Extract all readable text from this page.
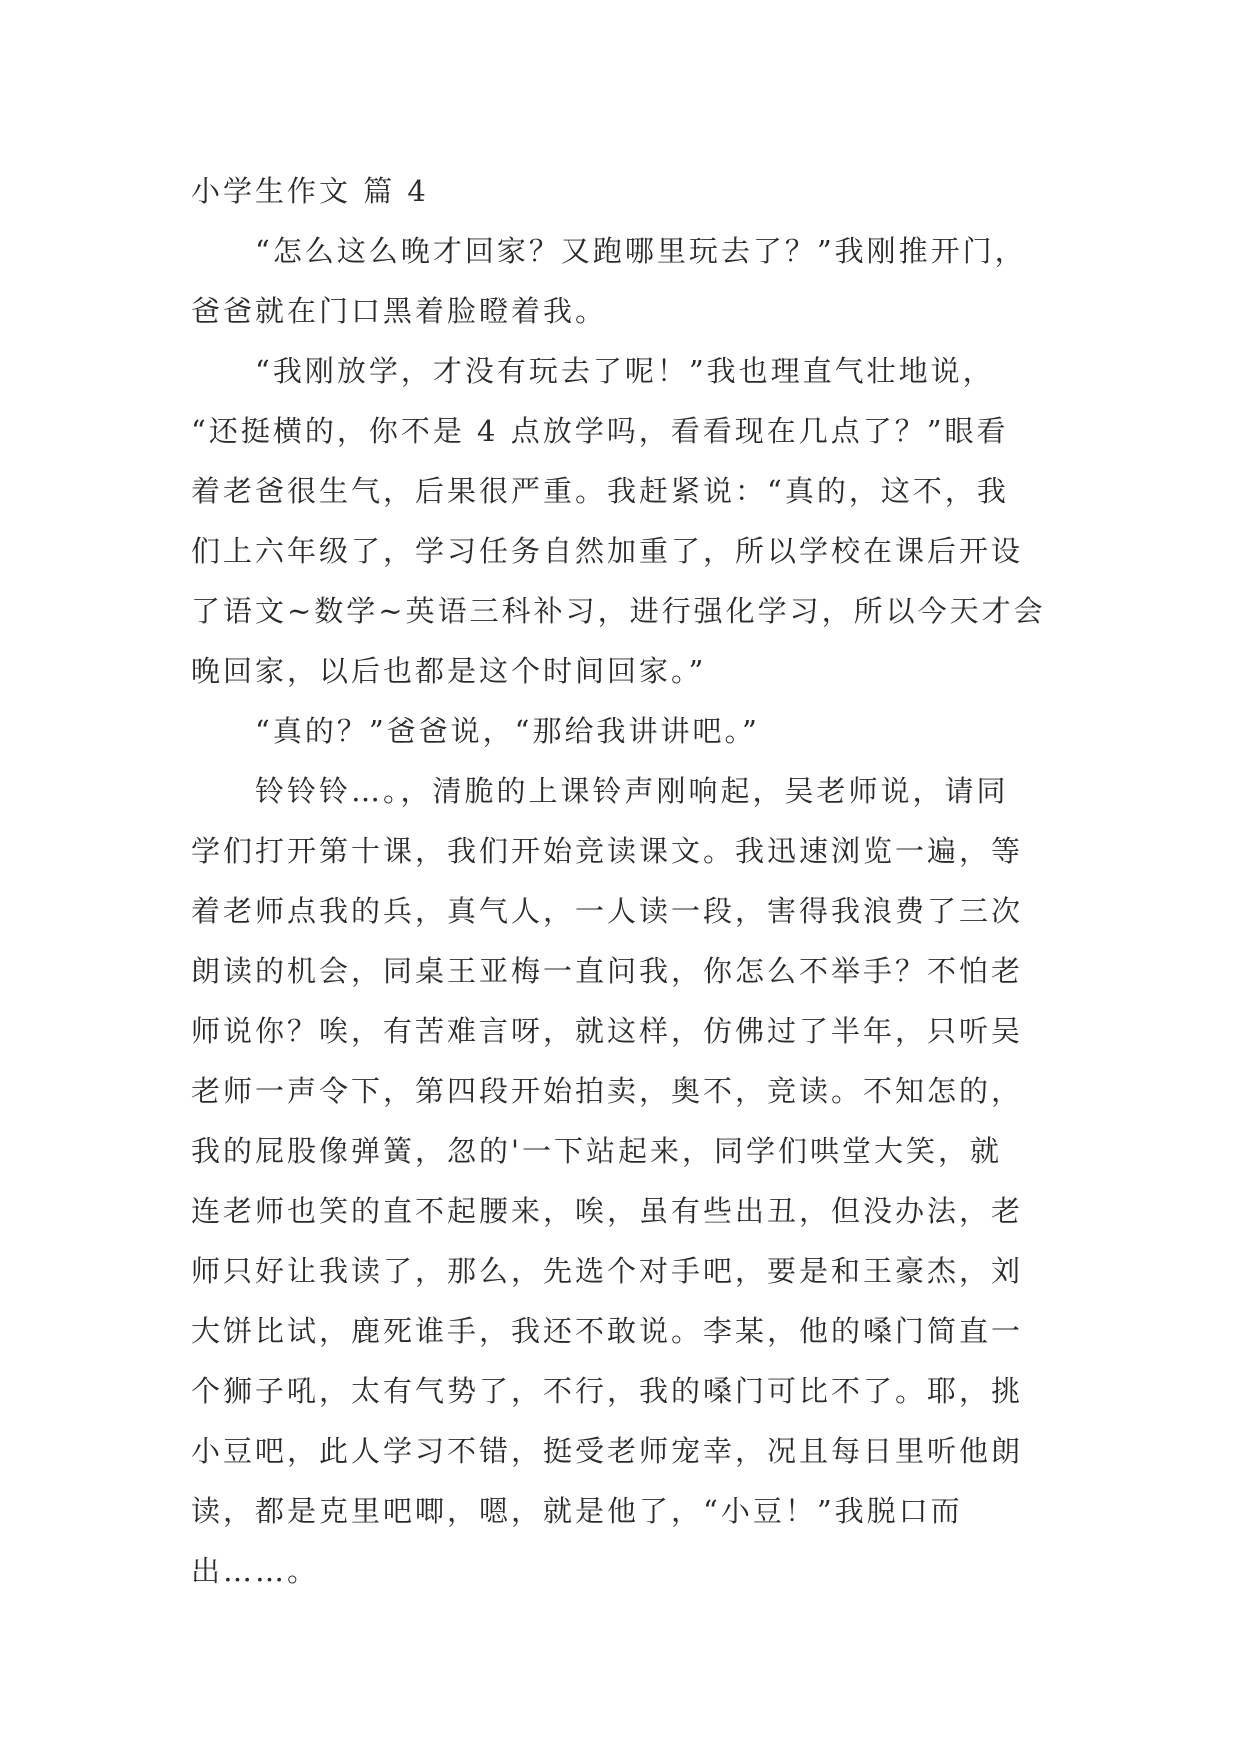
小学生作文 篇 4
“怎么这么晚才回家？又跑哪里玩去了？”我刚推开门，
爸爸就在门口黑着脸瞪着我。
“我刚放学，才没有玩去了呢！”我也理直气壮地说，
“还挺横的，你不是 4 点放学吗，看看现在几点了？”眼看
着老爸很生气，后果很严重。我赶紧说：“真的，这不，我
们上六年级了，学习任务自然加重了，所以学校在课后开设
了语文~数学~英语三科补习，进行强化学习，所以今天才会
晚回家，以后也都是这个时间回家。”
“真的？”爸爸说，“那给我讲讲吧。”
铃铃铃…。，清脆的上课铃声刚响起，吴老师说，请同
学们打开第十课，我们开始竞读课文。我迅速浏览一遍，等
着老师点我的兵，真气人，一人读一段，害得我浪费了三次
朗读的机会，同桌王亚梅一直问我，你怎么不举手？不怕老
师说你？唉，有苦难言呀，就这样，仿佛过了半年，只听吴
老师一声令下，第四段开始拍卖，奥不，竞读。不知怎的，
我的屁股像弹簧，忽的'一下站起来，同学们哄堂大笑，就
连老师也笑的直不起腰来，唉，虽有些出丑，但没办法，老
师只好让我读了，那么，先选个对手吧，要是和王豪杰，刘
大饼比试，鹿死谁手，我还不敢说。李某，他的嗓门简直一
个狮子吼，太有气势了，不行，我的嗓门可比不了。耶，挑
小豆吧，此人学习不错，挺受老师宠幸，况且每日里听他朗
读，都是克里吧唧，嗯，就是他了，“小豆！”我脱口而
出……。
